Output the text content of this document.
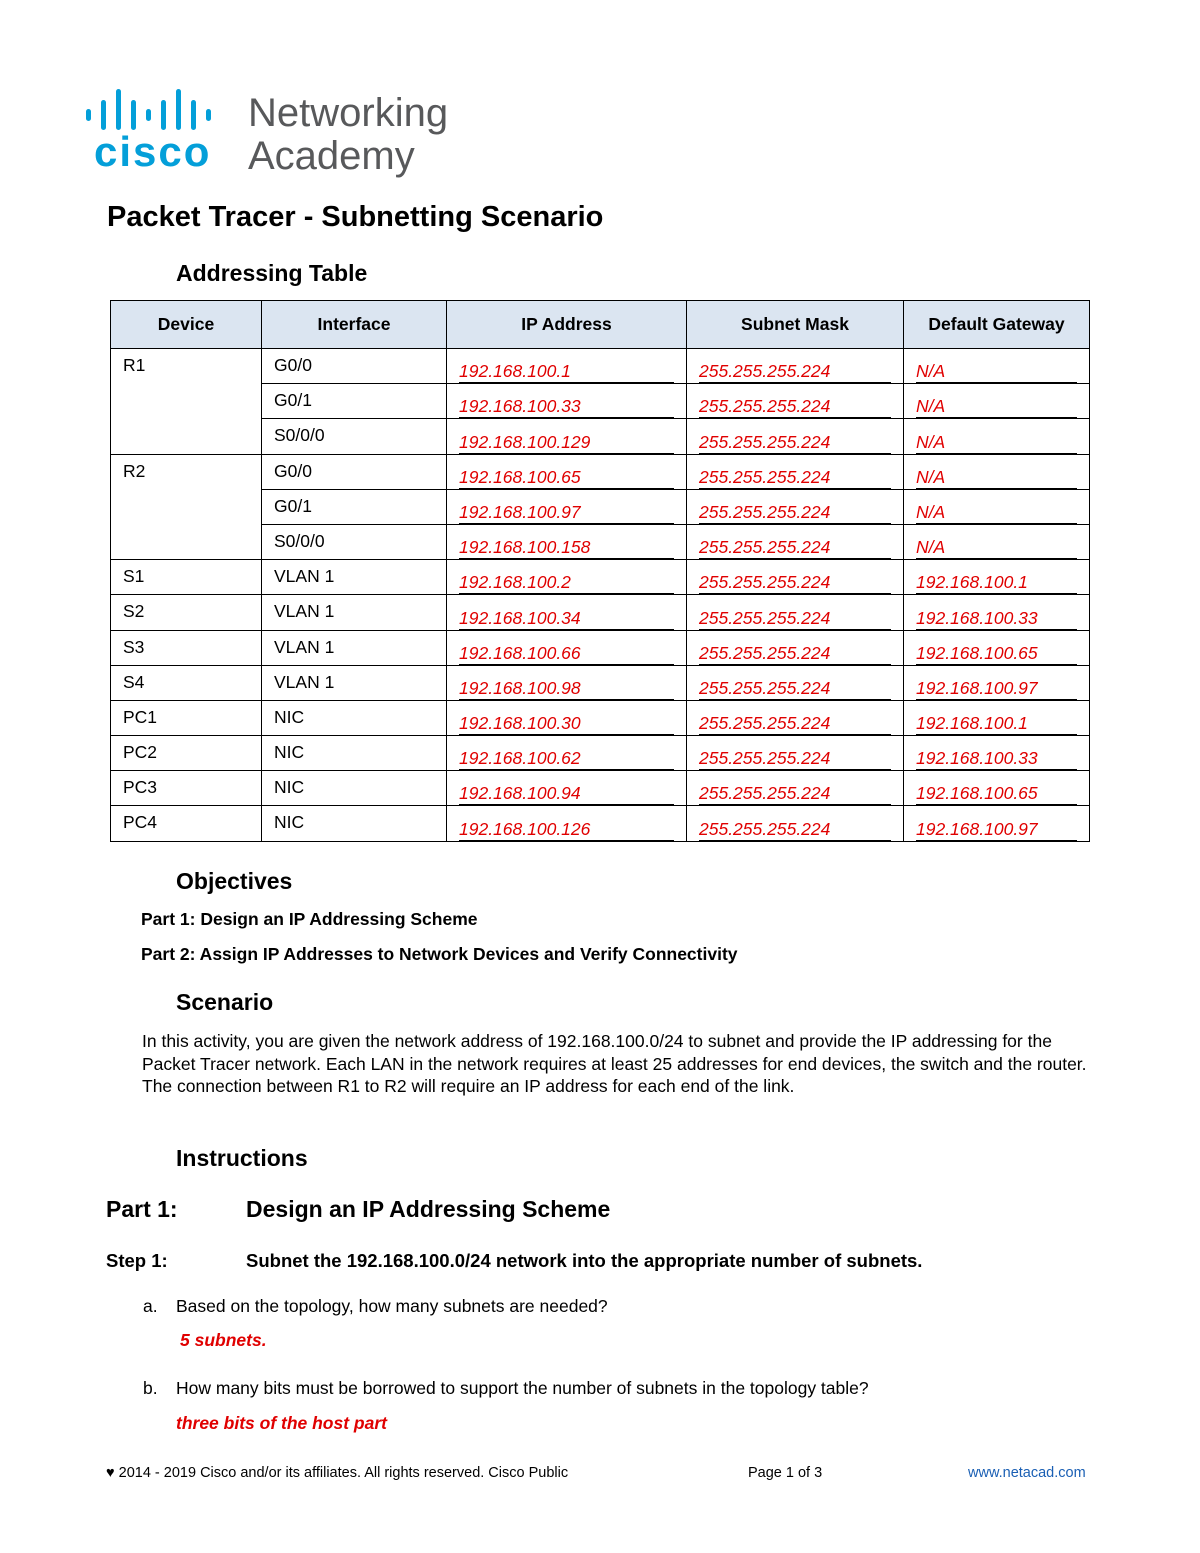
cisco
Networking
Academy
Packet Tracer - Subnetting Scenario
Addressing Table
Device	Interface	IP Address	Subnet Mask	Default Gateway
R1	G0/0	192.168.100.1	255.255.255.224	N/A

	G0/1	192.168.100.33	255.255.255.224	N/A

	S0/0/0	192.168.100.129	255.255.255.224	N/A

R2	G0/0	192.168.100.65	255.255.255.224	N/A

	G0/1	192.168.100.97	255.255.255.224	N/A

	S0/0/0	192.168.100.158	255.255.255.224	N/A

S1	VLAN 1	192.168.100.2	255.255.255.224	192.168.100.1

S2	VLAN 1	192.168.100.34	255.255.255.224	192.168.100.33

S3	VLAN 1	192.168.100.66	255.255.255.224	192.168.100.65

S4	VLAN 1	192.168.100.98	255.255.255.224	192.168.100.97

PC1	NIC	192.168.100.30	255.255.255.224	192.168.100.1

PC2	NIC	192.168.100.62	255.255.255.224	192.168.100.33

PC3	NIC	192.168.100.94	255.255.255.224	192.168.100.65

PC4	NIC	192.168.100.126	255.255.255.224	192.168.100.97
Objectives
Part 1: Design an IP Addressing Scheme
Part 2: Assign IP Addresses to Network Devices and Verify Connectivity
Scenario
In this activity, you are given the network address of 192.168.100.0/24 to subnet and provide the IP addressing for the Packet Tracer network. Each LAN in the network requires at least 25 addresses for end devices, the switch and the router. The connection between R1 to R2 will require an IP address for each end of the link.
Instructions
Part 1:	Design an IP Addressing Scheme
Step 1:	Subnet the 192.168.100.0/24 network into the appropriate number of subnets.
a. Based on the topology, how many subnets are needed?
5 subnets.
b. How many bits must be borrowed to support the number of subnets in the topology table?
three bits of the host part
♥ 2014 - 2019 Cisco and/or its affiliates. All rights reserved. Cisco Public	Page 1 of 3	www.netacad.com
